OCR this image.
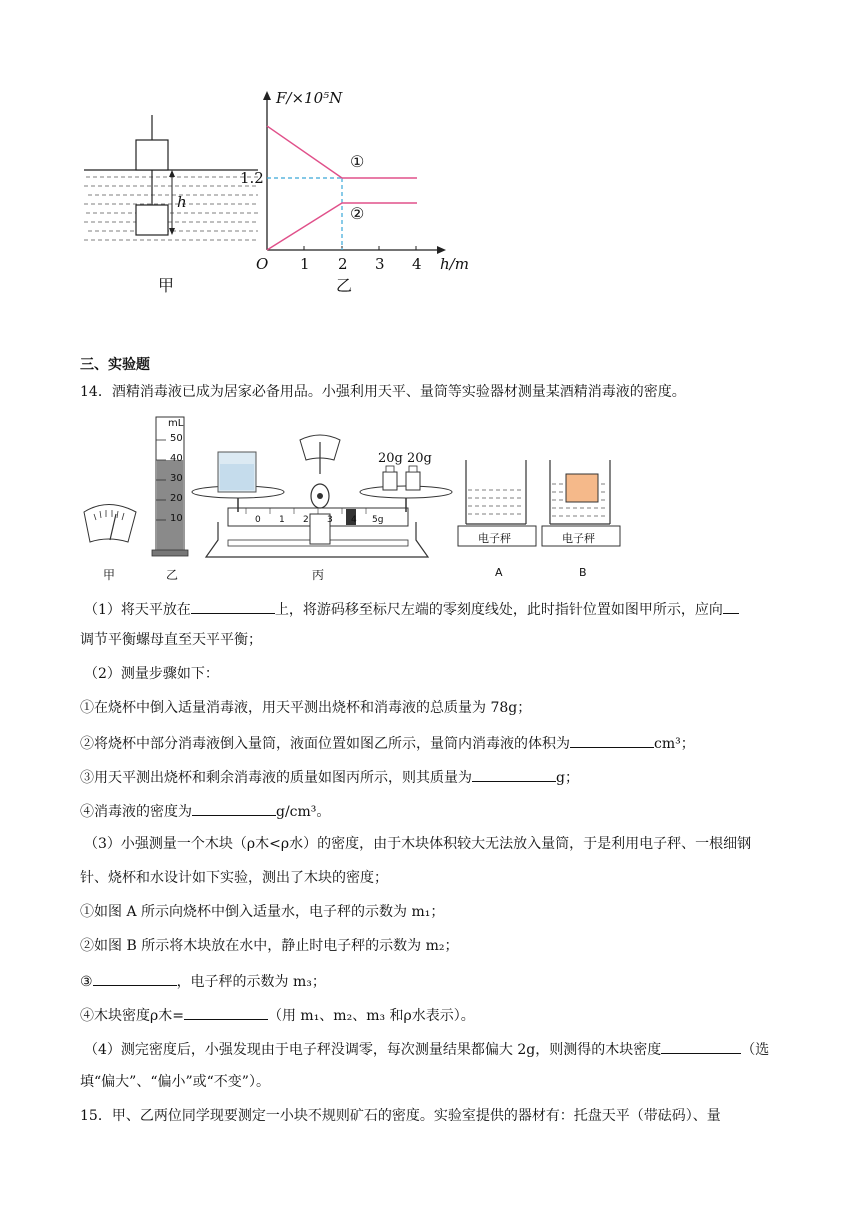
h
甲	乙
F/×10⁵N
h/m
O 1 2 3 4
1.2
①
②
三、实验题
14．酒精消毒液已成为居家必备用品。小强利用天平、量筒等实验器材测量某酒精消毒液的密度。
mL
50
40
30
20
10
20g 20g
0 1 2 3 4 5g
电子秤	电子秤
甲	乙	丙	A	B
（1）将天平放在	上，将游码移至标尺左端的零刻度线处，此时指针位置如图甲所示，应向
调节平衡螺母直至天平平衡；
（2）测量步骤如下：
①在烧杯中倒入适量消毒液，用天平测出烧杯和消毒液的总质量为 78g；
②将烧杯中部分消毒液倒入量筒，液面位置如图乙所示，量筒内消毒液的体积为	cm³；
③用天平测出烧杯和剩余消毒液的质量如图丙所示，则其质量为	g；
④消毒液的密度为	g/cm³。
（3）小强测量一个木块（ρ木<ρ水）的密度，由于木块体积较大无法放入量筒，于是利用电子秤、一根细钢
针、烧杯和水设计如下实验，测出了木块的密度；
①如图 A 所示向烧杯中倒入适量水，电子秤的示数为 m₁；
②如图 B 所示将木块放在水中，静止时电子秤的示数为 m₂；
③	，电子秤的示数为 m₃；
④木块密度ρ木=	（用 m₁、m₂、m₃ 和ρ水表示）。
（4）测完密度后，小强发现由于电子秤没调零，每次测量结果都偏大 2g，则测得的木块密度	（选
填“偏大”、“偏小”或“不变”）。
15．甲、乙两位同学现要测定一小块不规则矿石的密度。实验室提供的器材有：托盘天平（带砝码）、量
